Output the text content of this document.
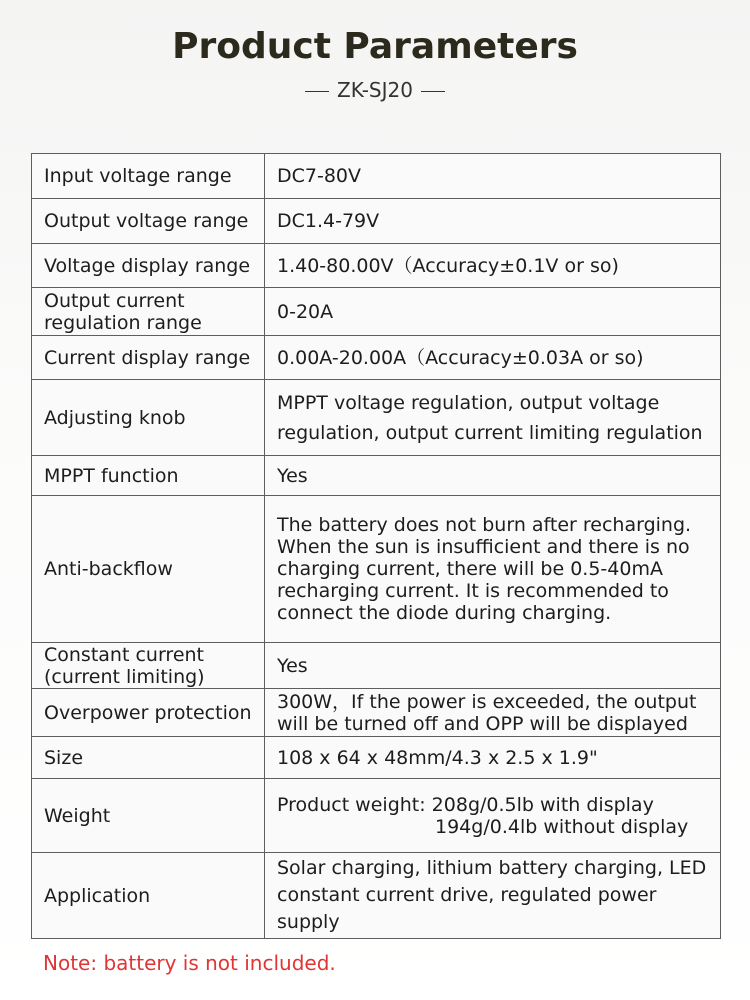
Product Parameters
ZK-SJ20
Input voltage range	DC7-80V
Output voltage range	DC1.4-79V
Voltage display range	1.40-80.00V（Accuracy±0.1V or so)
Output current regulation range	0-20A
Current display range	0.00A-20.00A（Accuracy±0.03A or so)
Adjusting knob	MPPT voltage regulation, output voltage regulation, output current limiting regulation
MPPT function	Yes
Anti-backflow	The battery does not burn after recharging. When the sun is insufficient and there is no charging current, there will be 0.5-40mA recharging current. It is recommended to connect the diode during charging.
Constant current (current limiting)	Yes
Overpower protection	300W，If the power is exceeded, the output will be turned off and OPP will be displayed
Size	108 x 64 x 48mm/4.3 x 2.5 x 1.9"
Weight	Product weight: 208g/0.5lb with display
194g/0.4lb without display

Application	Solar charging, lithium battery charging, LED constant current drive, regulated power supply
Note: battery is not included.
